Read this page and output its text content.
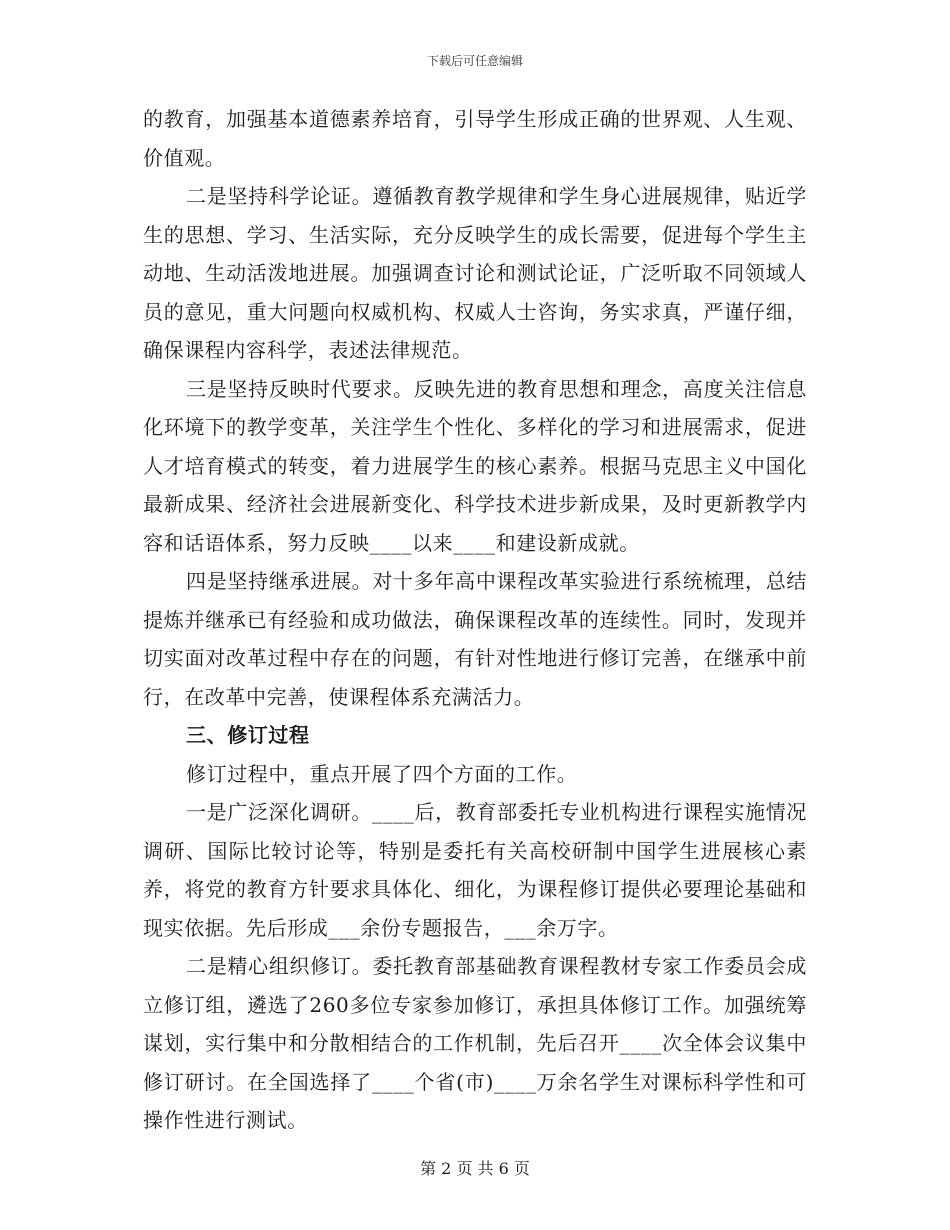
下载后可任意编辑

的教育，加强基本道德素养培育，引导学生形成正确的世界观、人生观、价值观。

二是坚持科学论证。遵循教育教学规律和学生身心进展规律，贴近学生的思想、学习、生活实际，充分反映学生的成长需要，促进每个学生主动地、生动活泼地进展。加强调查讨论和测试论证，广泛听取不同领域人员的意见，重大问题向权威机构、权威人士咨询，务实求真，严谨仔细，确保课程内容科学，表述法律规范。

三是坚持反映时代要求。反映先进的教育思想和理念，高度关注信息化环境下的教学变革，关注学生个性化、多样化的学习和进展需求，促进人才培育模式的转变，着力进展学生的核心素养。根据马克思主义中国化最新成果、经济社会进展新变化、科学技术进步新成果，及时更新教学内容和话语体系，努力反映____以来____和建设新成就。

四是坚持继承进展。对十多年高中课程改革实验进行系统梳理，总结提炼并继承已有经验和成功做法，确保课程改革的连续性。同时，发现并切实面对改革过程中存在的问题，有针对性地进行修订完善，在继承中前行，在改革中完善，使课程体系充满活力。

三、修订过程

修订过程中，重点开展了四个方面的工作。

一是广泛深化调研。____后，教育部委托专业机构进行课程实施情况调研、国际比较讨论等，特别是委托有关高校研制中国学生进展核心素养，将党的教育方针要求具体化、细化，为课程修订提供必要理论基础和现实依据。先后形成___余份专题报告，___余万字。

二是精心组织修订。委托教育部基础教育课程教材专家工作委员会成立修订组，遴选了260多位专家参加修订，承担具体修订工作。加强统筹谋划，实行集中和分散相结合的工作机制，先后召开____次全体会议集中修订研讨。在全国选择了____个省(市)____万余名学生对课标科学性和可操作性进行测试。

第 2 页 共 6 页
